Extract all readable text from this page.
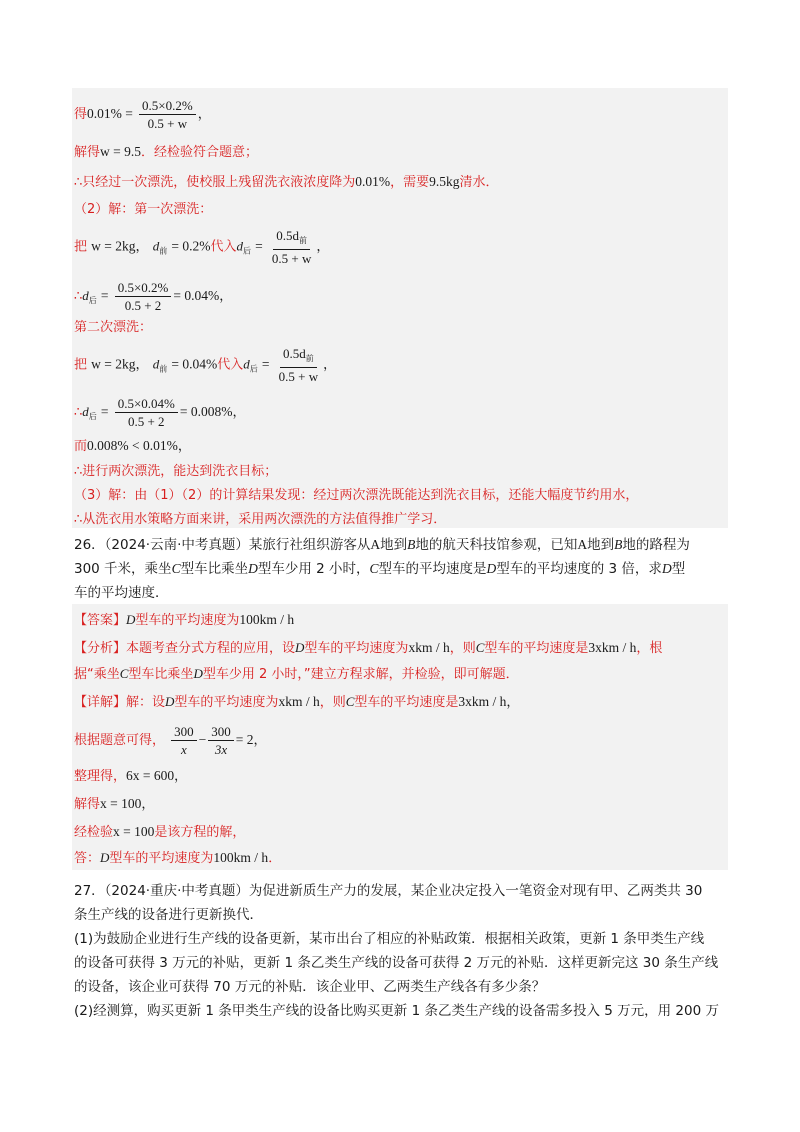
得$0.01\% = \frac{0.5\times 0.2\%}{0.5 + w}$ ，
解得w = 9.5．经检验符合题意；
∴只经过一次漂洗，使校服上残留洗衣液浓度降为0.01%，需要9.5kg清水．
（2）解：第一次漂洗：
把 w = 2kg， $d_前 = 0.2\%$代入$d_后 = \frac{0.5d_前}{0.5 + w}$ ，
$\therefore d_后 = \frac{0.5\times 0.2\%}{0.5 + 2} = 0.04\%$，
第二次漂洗：
把 w = 2kg， $d_前 = 0.04\%$代入$d_后 = \frac{0.5d_前}{0.5 + w}$ ，
$\therefore d_后 = \frac{0.5\times 0.04\%}{0.5 + 2} = 0.008\%$，
而0.008% < 0.01%，
∴进行两次漂洗，能达到洗衣目标；
（3）解：由（1）（2）的计算结果发现：经过两次漂洗既能达到洗衣目标，还能大幅度节约用水，
∴从洗衣用水策略方面来讲，采用两次漂洗的方法值得推广学习．
26．（2024·云南·中考真题）某旅行社组织游客从A地到B地的航天科技馆参观，已知A地到B地的路程为
300 千米，乘坐C型车比乘坐D型车少用 2 小时，C型车的平均速度是D型车的平均速度的 3 倍，求D型
车的平均速度．
【答案】D型车的平均速度为100km / h
【分析】本题考查分式方程的应用，设D型车的平均速度为xkm / h，则C型车的平均速度是3xkm / h，根
据“乘坐C型车比乘坐D型车少用 2 小时，”建立方程求解，并检验，即可解题．
【详解】解：设D型车的平均速度为xkm / h，则C型车的平均速度是3xkm / h，
根据题意可得， $\frac{300}{x} - \frac{300}{3x} = 2$，
整理得，6x = 600，
解得x = 100，
经检验x = 100是该方程的解，
答：D型车的平均速度为100km / h．
27．（2024·重庆·中考真题）为促进新质生产力的发展，某企业决定投入一笔资金对现有甲、乙两类共 30
条生产线的设备进行更新换代．
(1)为鼓励企业进行生产线的设备更新，某市出台了相应的补贴政策．根据相关政策，更新 1 条甲类生产线
的设备可获得 3 万元的补贴，更新 1 条乙类生产线的设备可获得 2 万元的补贴．这样更新完这 30 条生产线
的设备，该企业可获得 70 万元的补贴．该企业甲、乙两类生产线各有多少条？
(2)经测算，购买更新 1 条甲类生产线的设备比购买更新 1 条乙类生产线的设备需多投入 5 万元，用 200 万
